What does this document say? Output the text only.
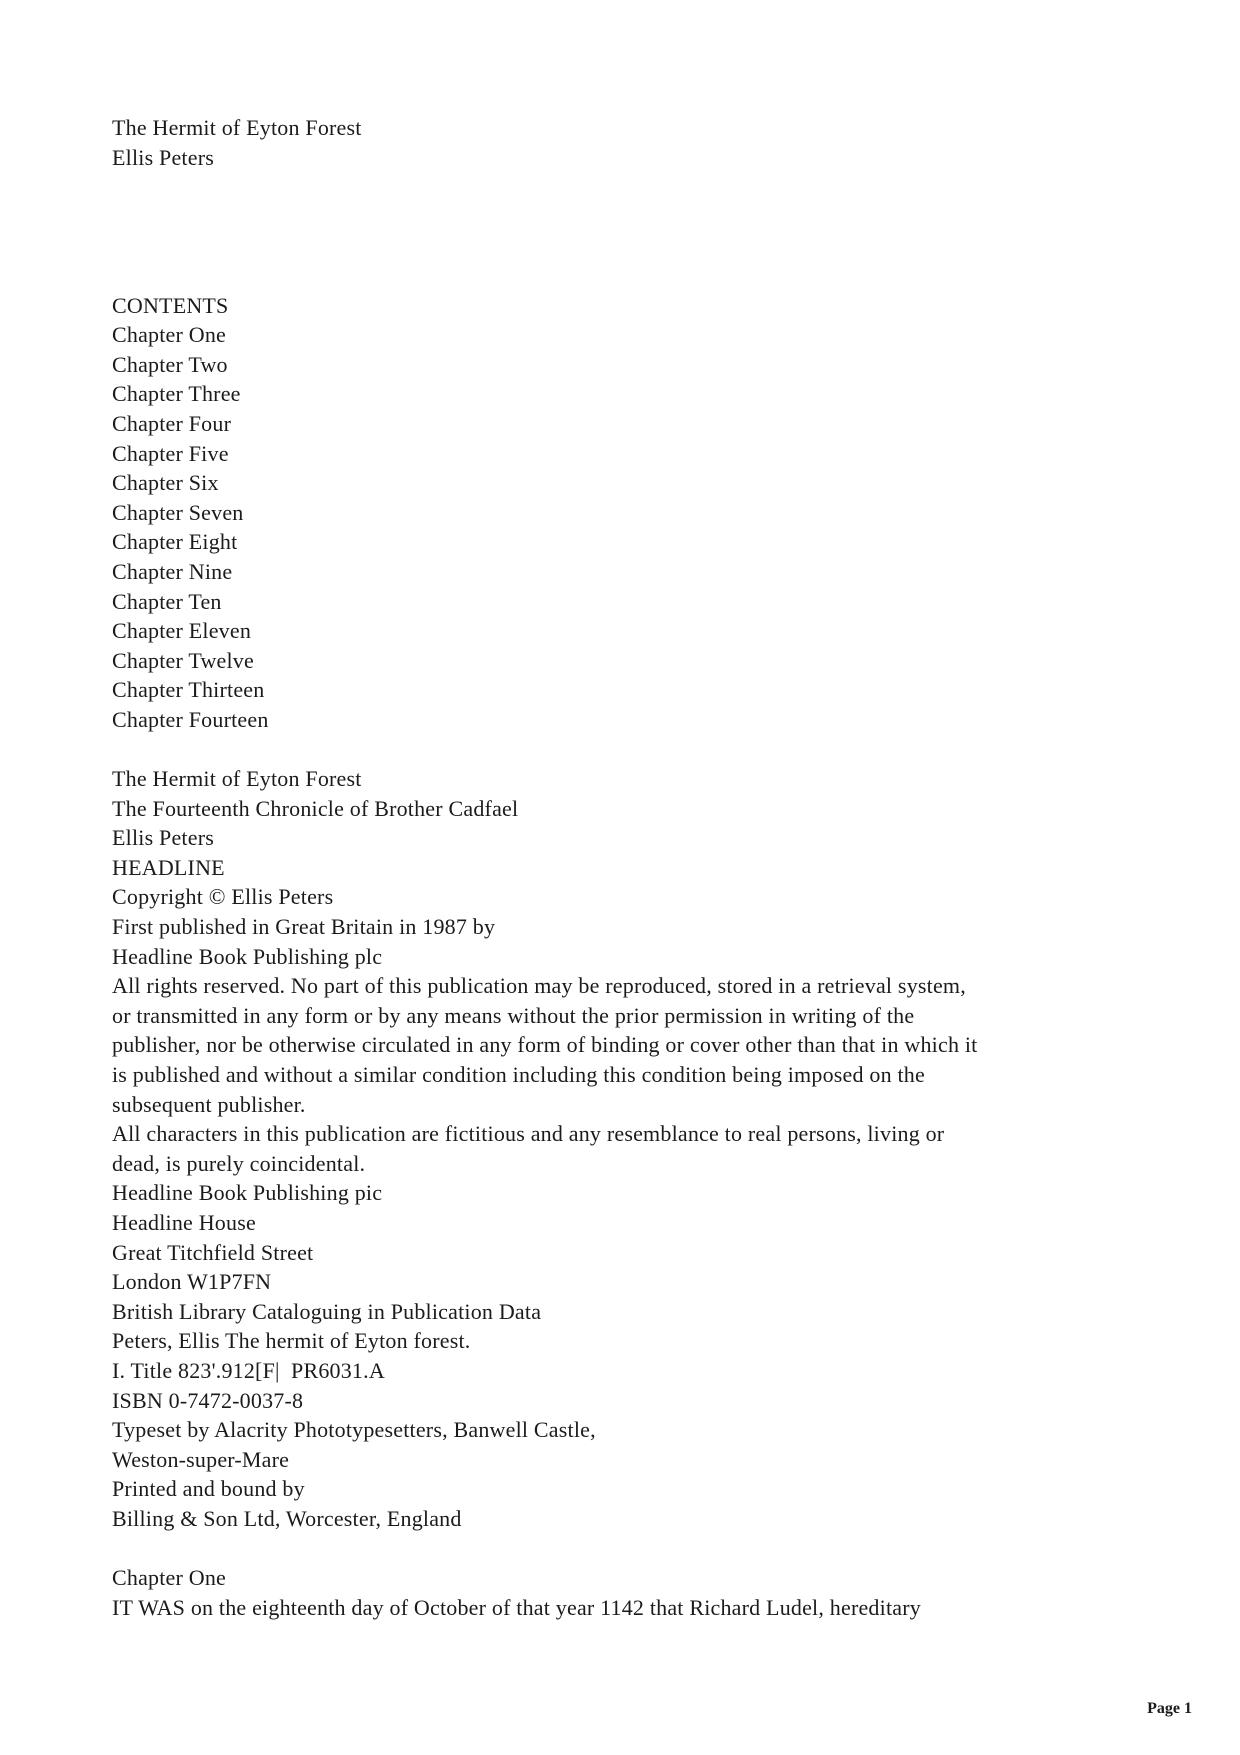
The Hermit of Eyton Forest
Ellis Peters
CONTENTS
Chapter One
Chapter Two
Chapter Three
Chapter Four
Chapter Five
Chapter Six
Chapter Seven
Chapter Eight
Chapter Nine
Chapter Ten
Chapter Eleven
Chapter Twelve
Chapter Thirteen
Chapter Fourteen
The Hermit of Eyton Forest
The Fourteenth Chronicle of Brother Cadfael
Ellis Peters
HEADLINE
Copyright © Ellis Peters
First published in Great Britain in 1987 by
Headline Book Publishing plc
All rights reserved. No part of this publication may be reproduced, stored in a retrieval system,
or transmitted in any form or by any means without the prior permission in writing of the
publisher, nor be otherwise circulated in any form of binding or cover other than that in which it
is published and without a similar condition including this condition being imposed on the
subsequent publisher.
All characters in this publication are fictitious and any resemblance to real persons, living or
dead, is purely coincidental.
Headline Book Publishing pic
Headline House
Great Titchfield Street
London W1P7FN
British Library Cataloguing in Publication Data
Peters, Ellis The hermit of Eyton forest.
I. Title 823'.912[F|  PR6031.A
ISBN 0-7472-0037-8
Typeset by Alacrity Phototypesetters, Banwell Castle,
Weston-super-Mare
Printed and bound by
Billing & Son Ltd, Worcester, England
Chapter One
IT WAS on the eighteenth day of October of that year 1142 that Richard Ludel, hereditary
Page 1
